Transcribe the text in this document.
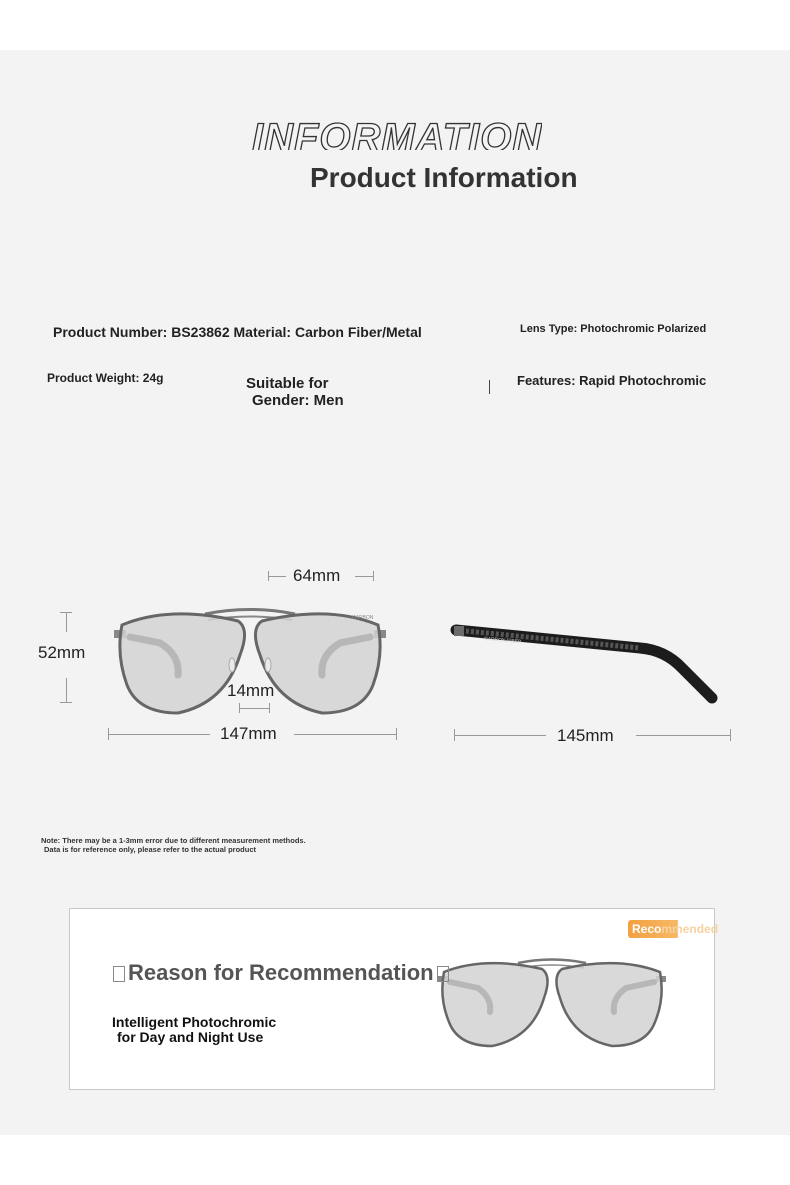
INFORMATION
Product Information
Product Number: BS23862 Material: Carbon Fiber/Metal	Lens Type: Photochromic Polarized
Product Weight: 24g	Suitable for
Gender: Men
Features: Rapid Photochromic
CARBON
CARBON FIBER
64mm
52mm
14mm
147mm	145mm
Note: There may be a 1-3mm error due to different measurement methods.
Data is for reference only, please refer to the actual product
Recommended
Reason for Recommendation
Intelligent Photochromic
for Day and Night Use
